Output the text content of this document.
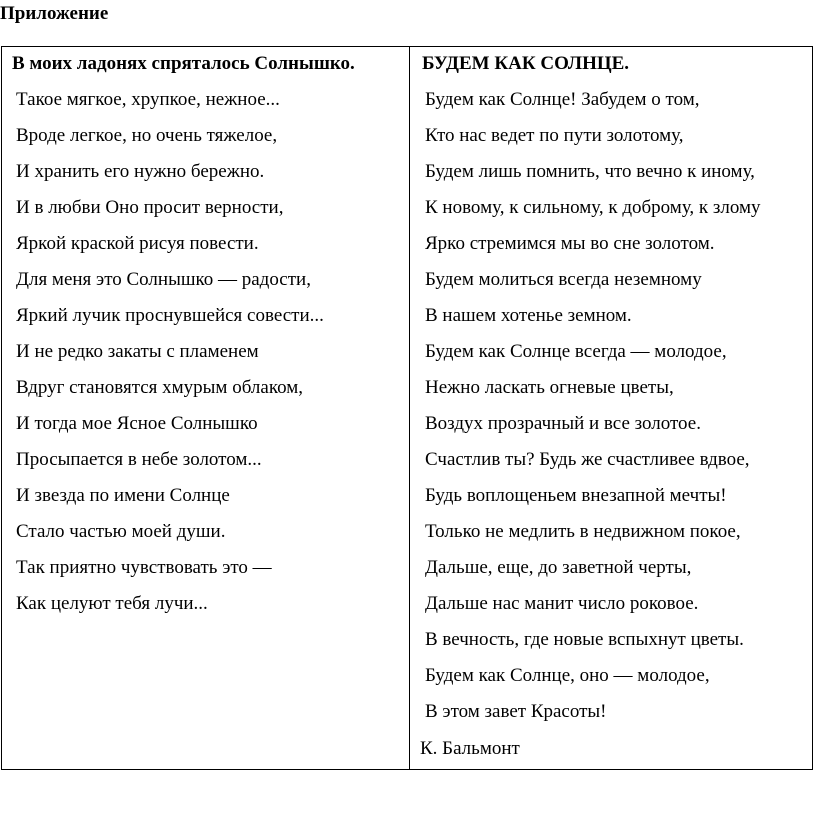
Приложение
В моих ладонях спряталось Солнышко.
Такое мягкое, хрупкое, нежное...
Вроде легкое, но очень тяжелое,
И хранить его нужно бережно.
И в любви Оно просит верности,
Яркой краской рисуя повести.
Для меня это Солнышко — радости,
Яркий лучик проснувшейся совести...
И не редко закаты с пламенем
Вдруг становятся хмурым облаком,
И тогда мое Ясное Солнышко
Просыпается в небе золотом...
И звезда по имени Солнце
Стало частью моей души.
Так приятно чувствовать это —
Как целуют тебя лучи...
БУДЕМ КАК СОЛНЦЕ.
Будем как Солнце! Забудем о том,
Кто нас ведет по пути золотому,
Будем лишь помнить, что вечно к иному,
К новому, к сильному, к доброму, к злому
Ярко стремимся мы во сне золотом.
Будем молиться всегда неземному
В нашем хотенье земном.
Будем как Солнце всегда — молодое,
Нежно ласкать огневые цветы,
Воздух прозрачный и все золотое.
Счастлив ты? Будь же счастливее вдвое,
Будь воплощеньем внезапной мечты!
Только не медлить в недвижном покое,
Дальше, еще, до заветной черты,
Дальше нас манит число роковое.
В вечность, где новые вспыхнут цветы.
Будем как Солнце, оно — молодое,
В этом завет Красоты!
К. Бальмонт
